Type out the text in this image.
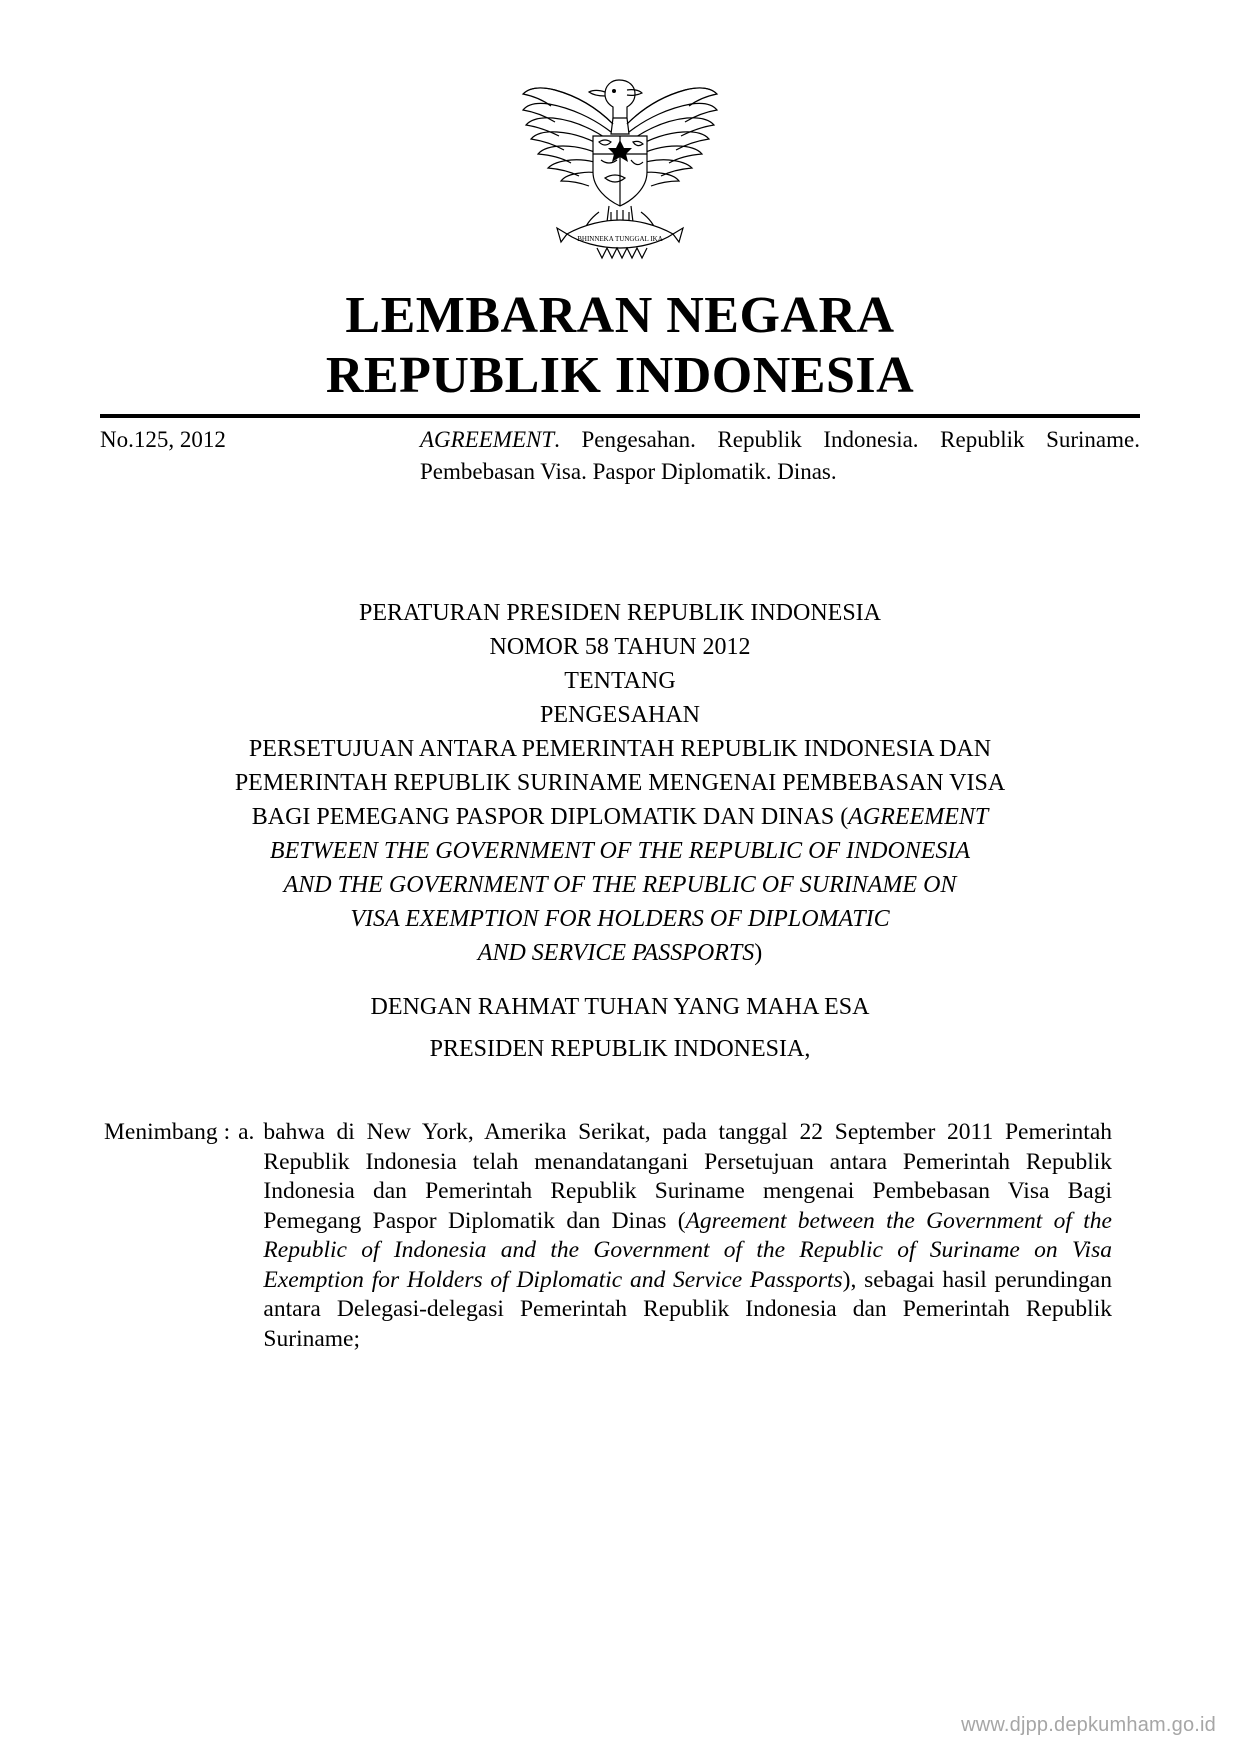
BHINNEKA TUNGGAL IKA
LEMBARAN NEGARA
REPUBLIK INDONESIA
No.125, 2012	AGREEMENT. Pengesahan. Republik Indonesia. Republik Suriname. Pembebasan Visa. Paspor Diplomatik. Dinas.
PERATURAN PRESIDEN REPUBLIK INDONESIA
NOMOR 58 TAHUN 2012
TENTANG
PENGESAHAN
PERSETUJUAN ANTARA PEMERINTAH REPUBLIK INDONESIA DAN
PEMERINTAH REPUBLIK SURINAME MENGENAI PEMBEBASAN VISA
BAGI PEMEGANG PASPOR DIPLOMATIK DAN DINAS (AGREEMENT
BETWEEN THE GOVERNMENT OF THE REPUBLIC OF INDONESIA
AND THE GOVERNMENT OF THE REPUBLIC OF SURINAME ON
VISA EXEMPTION FOR HOLDERS OF DIPLOMATIC
AND SERVICE PASSPORTS)
DENGAN RAHMAT TUHAN YANG MAHA ESA
PRESIDEN REPUBLIK INDONESIA,
Menimbang : a. bahwa di New York, Amerika Serikat, pada tanggal 22 September 2011 Pemerintah Republik Indonesia telah menandatangani Persetujuan antara Pemerintah Republik Indonesia dan Pemerintah Republik Suriname mengenai Pembebasan Visa Bagi Pemegang Paspor Diplomatik dan Dinas (Agreement between the Government of the Republic of Indonesia and the Government of the Republic of Suriname on Visa Exemption for Holders of Diplomatic and Service Passports), sebagai hasil perundingan antara Delegasi-delegasi Pemerintah Republik Indonesia dan Pemerintah Republik Suriname;
www.djpp.depkumham.go.id
